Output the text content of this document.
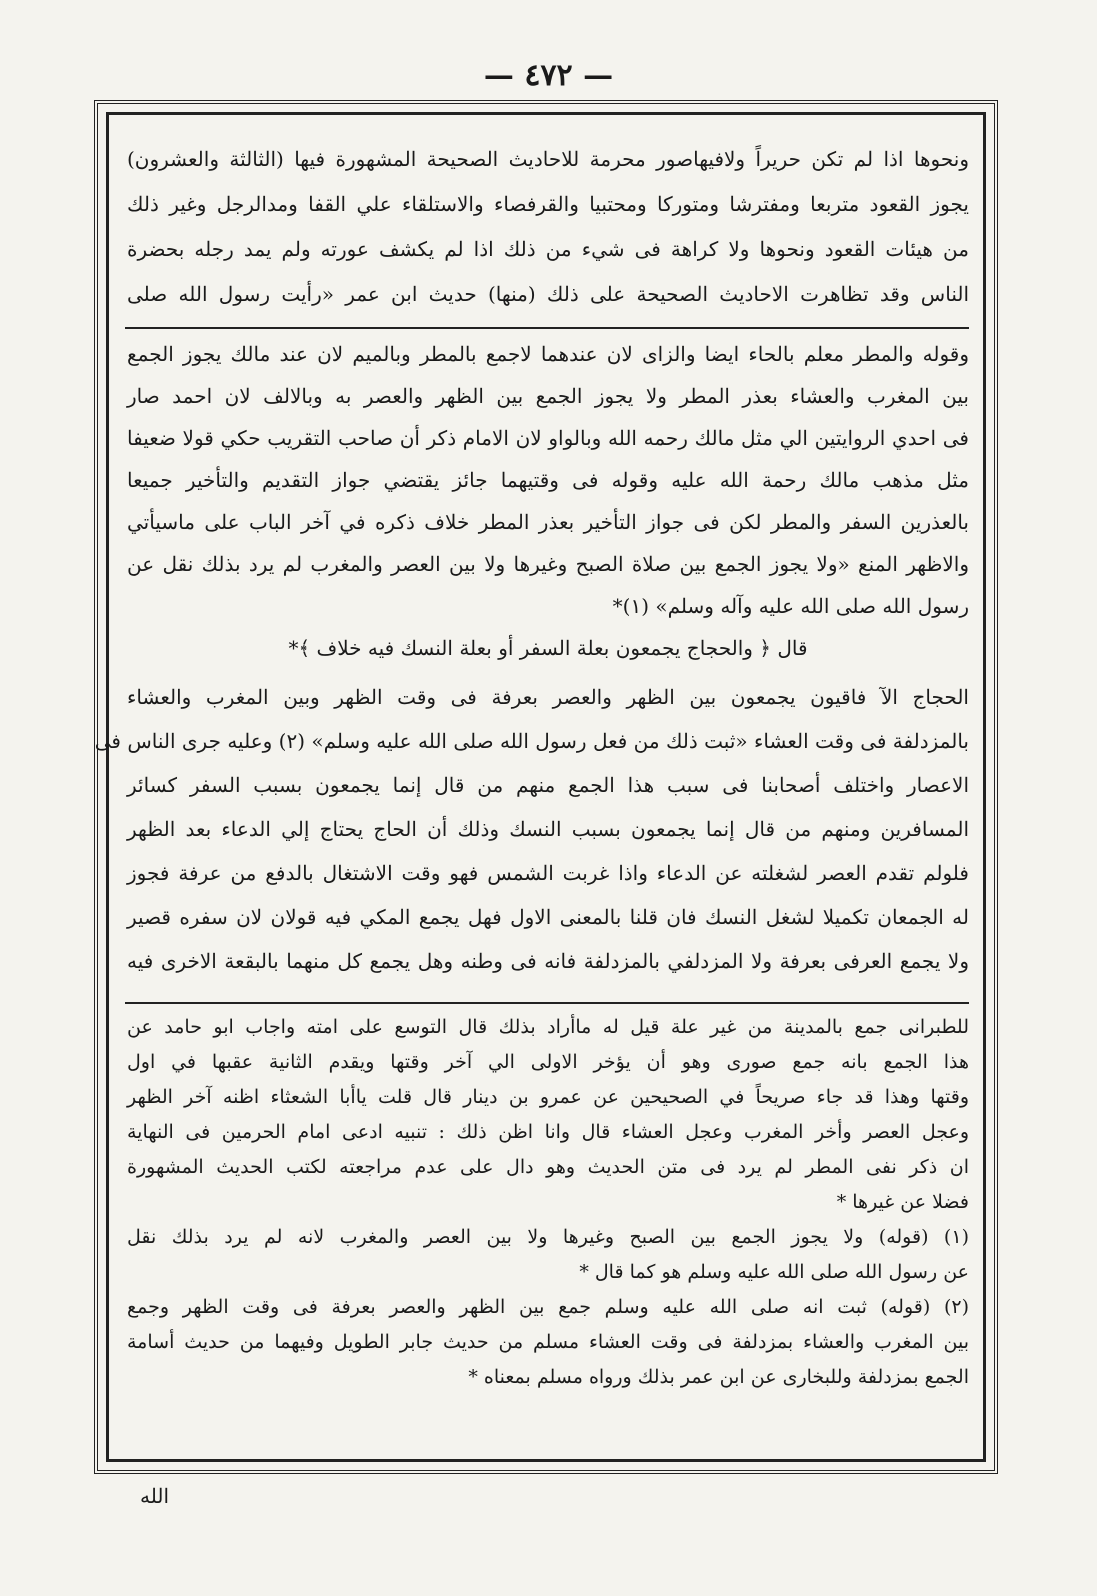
— ٤٧٢ —
ونحوها اذا لم تكن حريراً ولافيهاصور محرمة للاحاديث الصحيحة المشهورة فيها (الثالثة والعشرون)
يجوز القعود متربعا ومفترشا ومتوركا ومحتبيا والقرفصاء والاستلقاء علي القفا ومدالرجل وغير ذلك
من هيئات القعود ونحوها ولا كراهة فى شيء من ذلك اذا لم يكشف عورته ولم يمد رجله بحضرة
الناس وقد تظاهرت الاحاديث الصحيحة على ذلك (منها) حديث ابن عمر «رأيت رسول الله صلى
وقوله والمطر معلم بالحاء ايضا والزاى لان عندهما لاجمع بالمطر وبالميم لان عند مالك يجوز الجمع
بين المغرب والعشاء بعذر المطر ولا يجوز الجمع بين الظهر والعصر به وبالالف لان احمد صار
فى احدي الروايتين الي مثل مالك رحمه الله وبالواو لان الامام ذكر أن صاحب التقريب حكي قولا ضعيفا
مثل مذهب مالك رحمة الله عليه وقوله فى وقتيهما جائز يقتضي جواز التقديم والتأخير جميعا
بالعذرين السفر والمطر لكن فى جواز التأخير بعذر المطر خلاف ذكره في آخر الباب على ماسيأتي
والاظهر المنع «ولا يجوز الجمع بين صلاة الصبح وغيرها ولا بين العصر والمغرب لم يرد بذلك نقل عن
رسول الله صلى الله عليه وآله وسلم» (١)*
قال ﴿ والحجاج يجمعون بعلة السفر أو بعلة النسك فيه خلاف ﴾*
الحجاج الآ فاقيون يجمعون بين الظهر والعصر بعرفة فى وقت الظهر وبين المغرب والعشاء
بالمزدلفة فى وقت العشاء «ثبت ذلك من فعل رسول الله صلى الله عليه وسلم» (٢) وعليه جرى الناس فى
الاعصار واختلف أصحابنا فى سبب هذا الجمع منهم من قال إنما يجمعون بسبب السفر كسائر
المسافرين ومنهم من قال إنما يجمعون بسبب النسك وذلك أن الحاج يحتاج إلي الدعاء بعد الظهر
فلولم تقدم العصر لشغلته عن الدعاء واذا غربت الشمس فهو وقت الاشتغال بالدفع من عرفة فجوز
له الجمعان تكميلا لشغل النسك فان قلنا بالمعنى الاول فهل يجمع المكي فيه قولان لان سفره قصير
ولا يجمع العرفى بعرفة ولا المزدلفي بالمزدلفة فانه فى وطنه وهل يجمع كل منهما بالبقعة الاخرى فيه
للطبرانى جمع بالمدينة من غير علة قيل له ماأراد بذلك قال التوسع على امته واجاب ابو حامد عن
هذا الجمع بانه جمع صورى وهو أن يؤخر الاولى الي آخر وقتها ويقدم الثانية عقبها في اول
وقتها وهذا قد جاء صريحاً في الصحيحين عن عمرو بن دينار قال قلت ياأبا الشعثاء اظنه آخر الظهر
وعجل العصر وأخر المغرب وعجل العشاء قال وانا اظن ذلك : تنبيه ادعى امام الحرمين فى النهاية
ان ذكر نفى المطر لم يرد فى متن الحديث وهو دال على عدم مراجعته لكتب الحديث المشهورة
فضلا عن غيرها *
(١) (قوله) ولا يجوز الجمع بين الصبح وغيرها ولا بين العصر والمغرب لانه لم يرد بذلك نقل
عن رسول الله صلى الله عليه وسلم هو كما قال *
(٢) (قوله) ثبت انه صلى الله عليه وسلم جمع بين الظهر والعصر بعرفة فى وقت الظهر وجمع
بين المغرب والعشاء بمزدلفة فى وقت العشاء مسلم من حديث جابر الطويل وفيهما من حديث أسامة
الجمع بمزدلفة وللبخارى عن ابن عمر بذلك ورواه مسلم بمعناه *
الله
